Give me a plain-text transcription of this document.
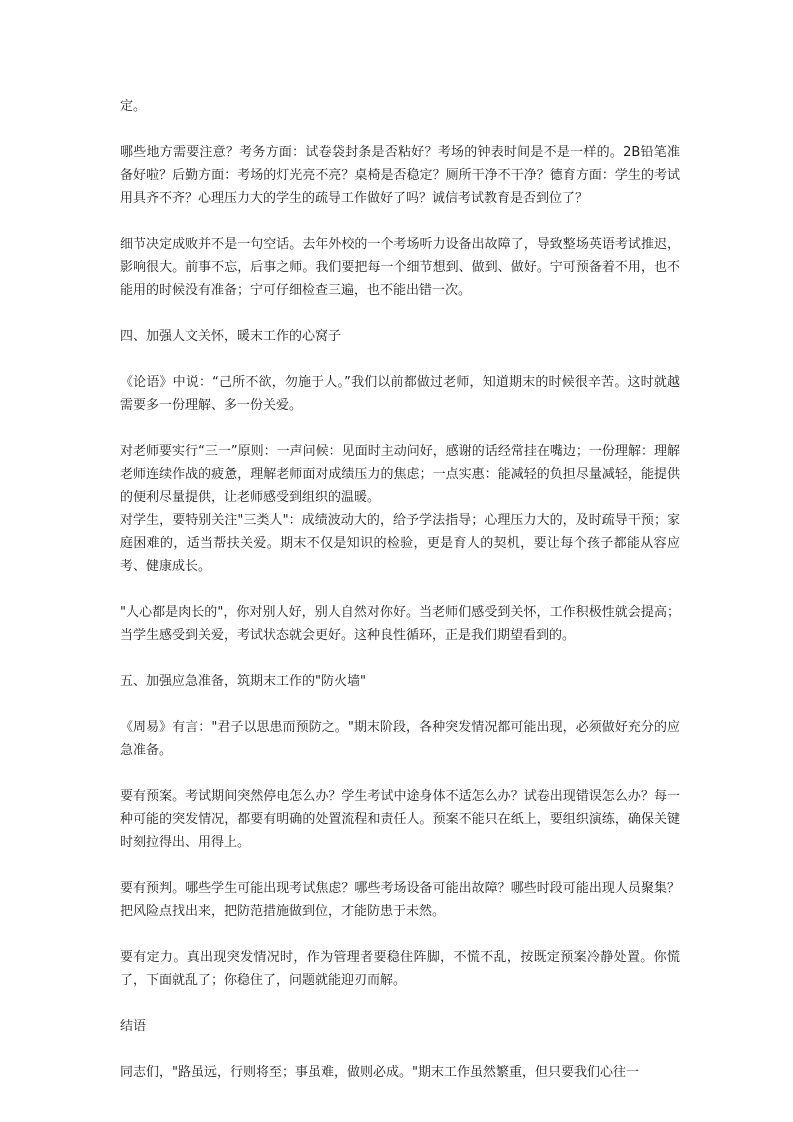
定。

哪些地方需要注意？考务方面：试卷袋封条是否粘好？考场的钟表时间是不是一样的。2B铅笔准备好啦？后勤方面：考场的灯光亮不亮？桌椅是否稳定？厕所干净不干净？德育方面：学生的考试用具齐不齐？心理压力大的学生的疏导工作做好了吗？诚信考试教育是否到位了？

细节决定成败并不是一句空话。去年外校的一个考场听力设备出故障了，导致整场英语考试推迟，影响很大。前事不忘，后事之师。我们要把每一个细节想到、做到、做好。宁可预备着不用，也不能用的时候没有准备；宁可仔细检查三遍，也不能出错一次。

四、加强人文关怀，暖末工作的心窝子

《论语》中说：“己所不欲，勿施于人。”我们以前都做过老师，知道期末的时候很辛苦。这时就越需要多一份理解、多一份关爱。

对老师要实行“三一”原则：一声问候：见面时主动问好，感谢的话经常挂在嘴边；一份理解：理解老师连续作战的疲惫，理解老师面对成绩压力的焦虑；一点实惠：能减轻的负担尽量减轻，能提供的便利尽量提供，让老师感受到组织的温暖。

对学生，要特别关注"三类人"：成绩波动大的，给予学法指导；心理压力大的，及时疏导干预；家庭困难的，适当帮扶关爱。期末不仅是知识的检验，更是育人的契机，要让每个孩子都能从容应考、健康成长。

"人心都是肉长的"，你对别人好，别人自然对你好。当老师们感受到关怀，工作积极性就会提高；当学生感受到关爱，考试状态就会更好。这种良性循环，正是我们期望看到的。

五、加强应急准备，筑期末工作的"防火墙"

《周易》有言："君子以思患而预防之。"期末阶段，各种突发情况都可能出现，必须做好充分的应急准备。

要有预案。考试期间突然停电怎么办？学生考试中途身体不适怎么办？试卷出现错误怎么办？每一种可能的突发情况，都要有明确的处置流程和责任人。预案不能只在纸上，要组织演练，确保关键时刻拉得出、用得上。

要有预判。哪些学生可能出现考试焦虑？哪些考场设备可能出故障？哪些时段可能出现人员聚集？把风险点找出来，把防范措施做到位，才能防患于未然。

要有定力。真出现突发情况时，作为管理者要稳住阵脚，不慌不乱，按既定预案冷静处置。你慌了，下面就乱了；你稳住了，问题就能迎刃而解。

结语

同志们，"路虽远，行则将至；事虽难，做则必成。"期末工作虽然繁重，但只要我们心往一
